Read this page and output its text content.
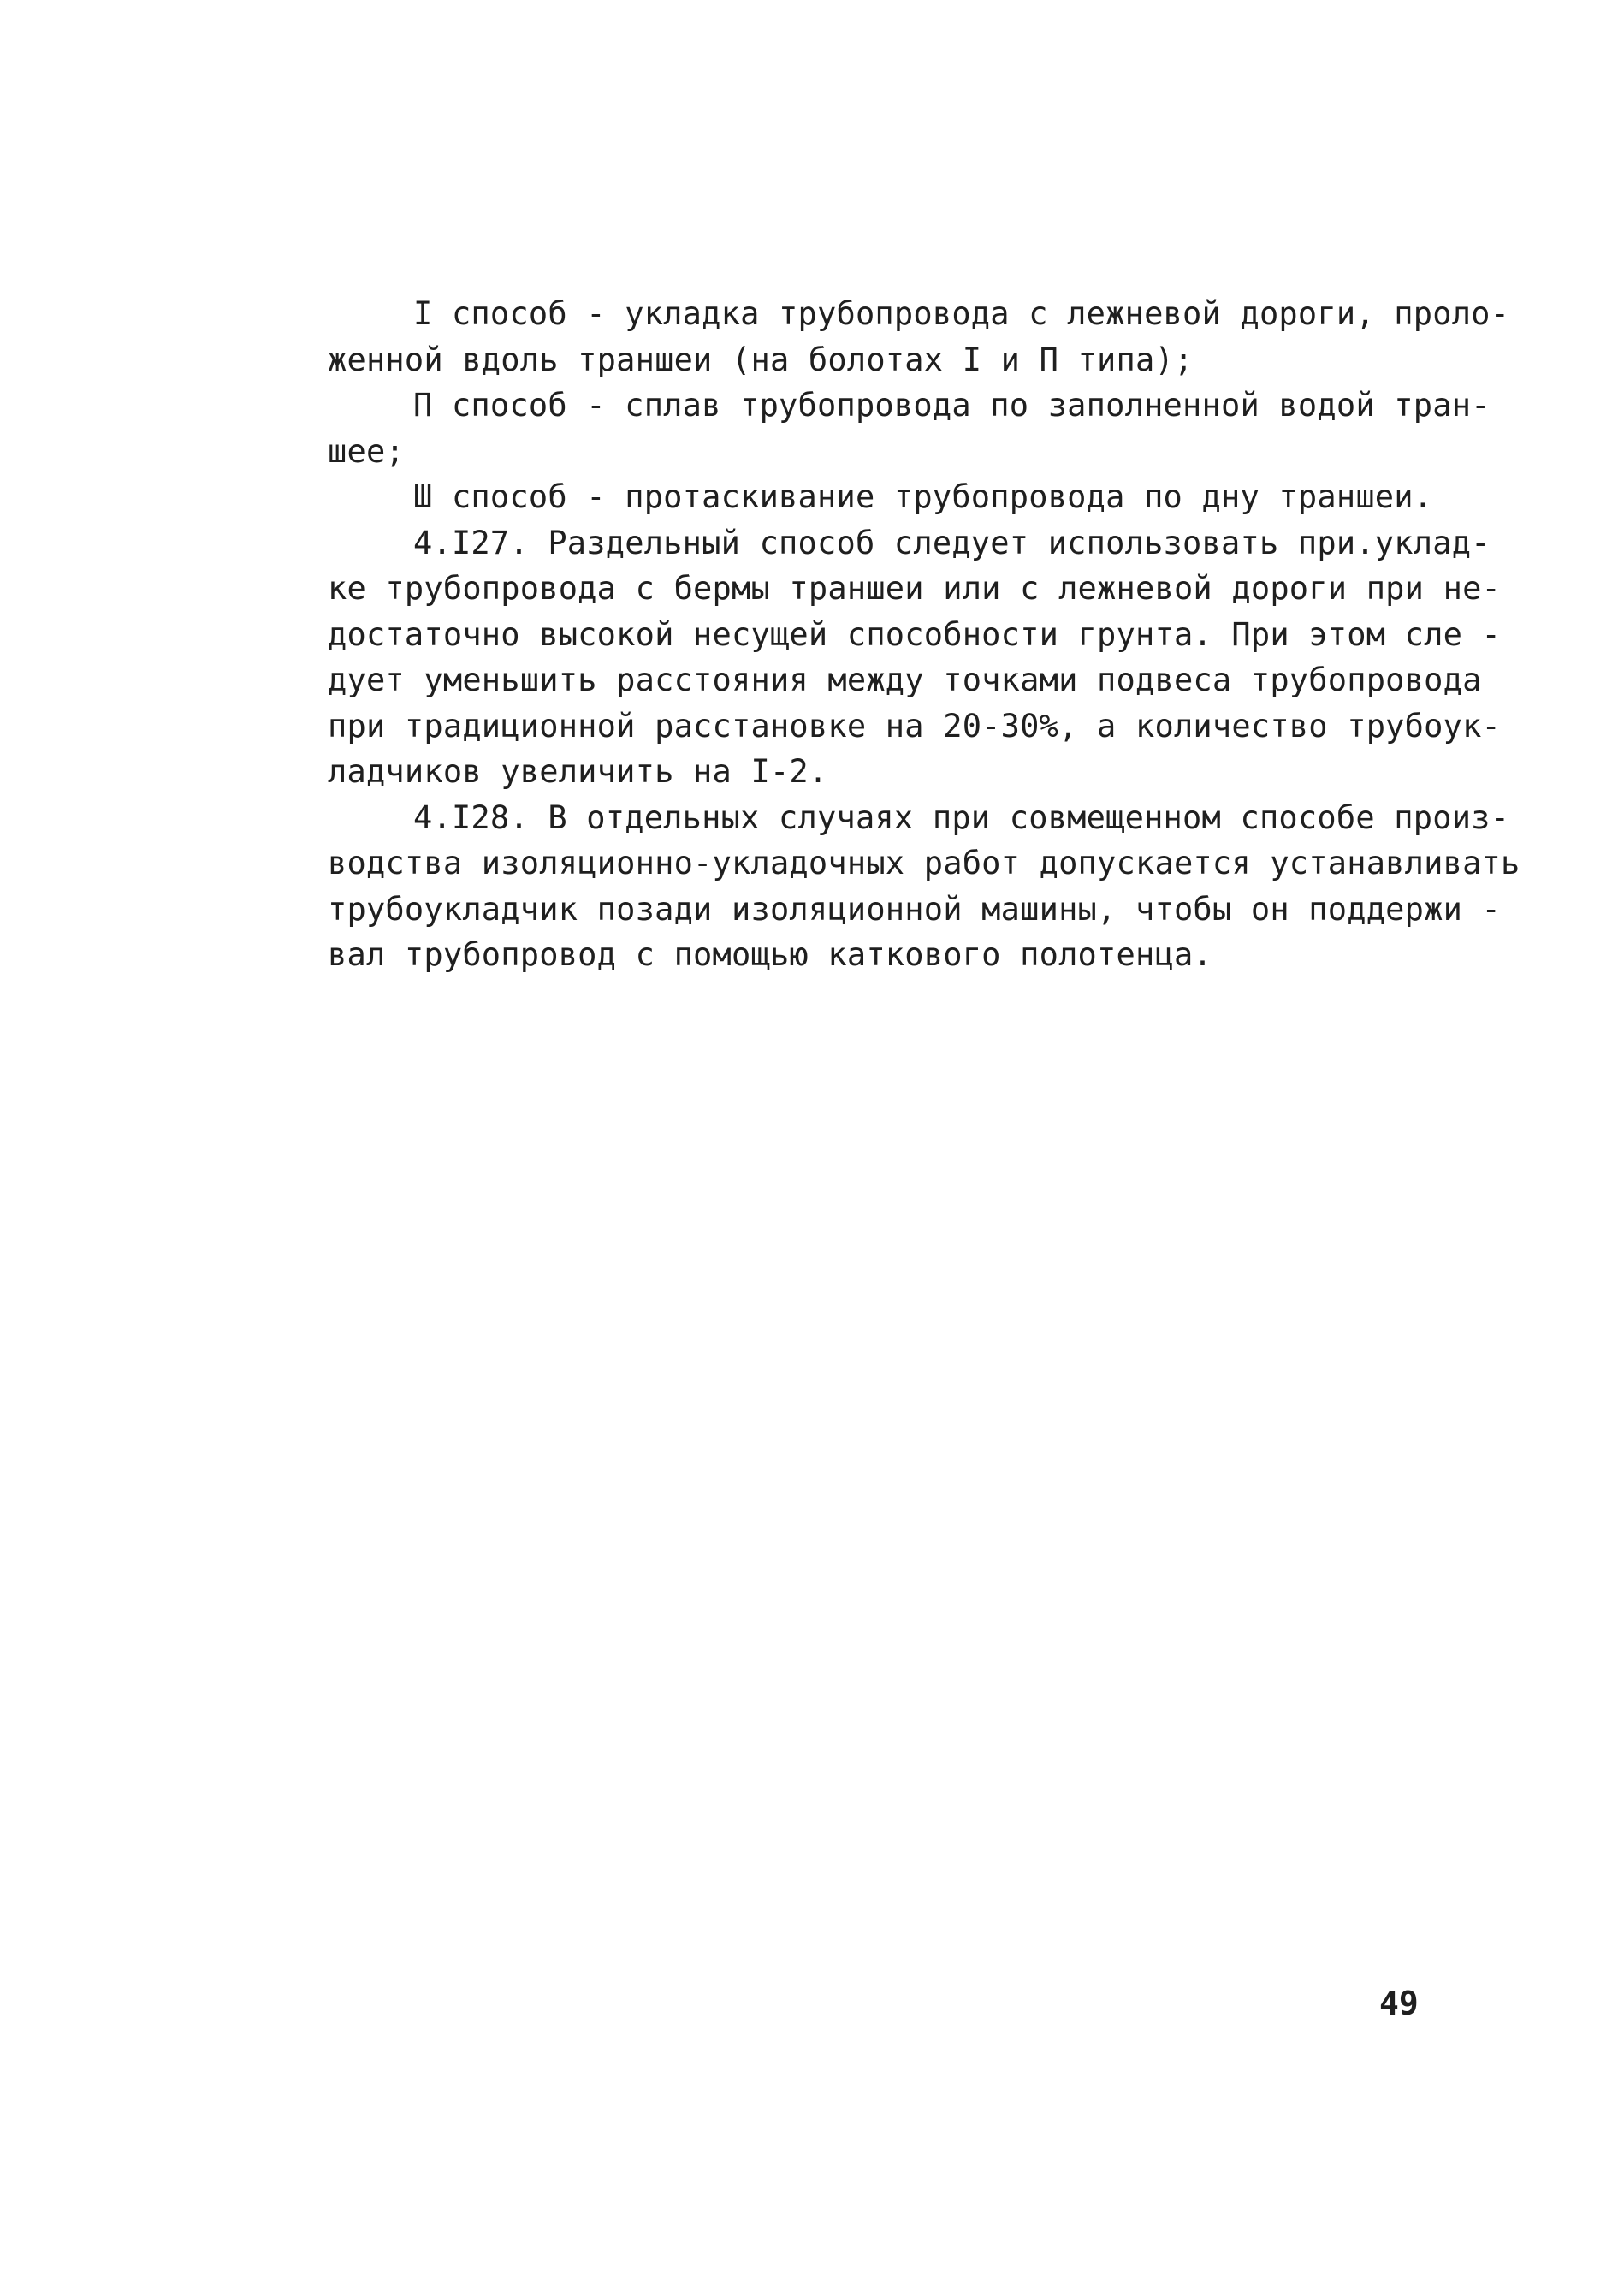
I способ - укладка трубопровода с лежневой дороги, проло-
женной вдоль траншеи (на болотах I и П типа);
П способ - сплав трубопровода по заполненной водой тран-
шее;
Ш способ - протаскивание трубопровода по дну траншеи.
4.I27. Раздельный способ следует использовать при.уклад-
ке трубопровода с бермы траншеи или с лежневой дороги при не-
достаточно высокой несущей способности грунта. При этом сле -
дует уменьшить расстояния между точками подвеса трубопровода
при традиционной расстановке на 20-30%, а количество трубоук-
ладчиков увеличить на I-2.
4.I28. В отдельных случаях при совмещенном способе произ-
водства изоляционно-укладочных работ допускается устанавливать
трубоукладчик позади изоляционной машины, чтобы он поддержи -
вал трубопровод с помощью каткового полотенца.
49
